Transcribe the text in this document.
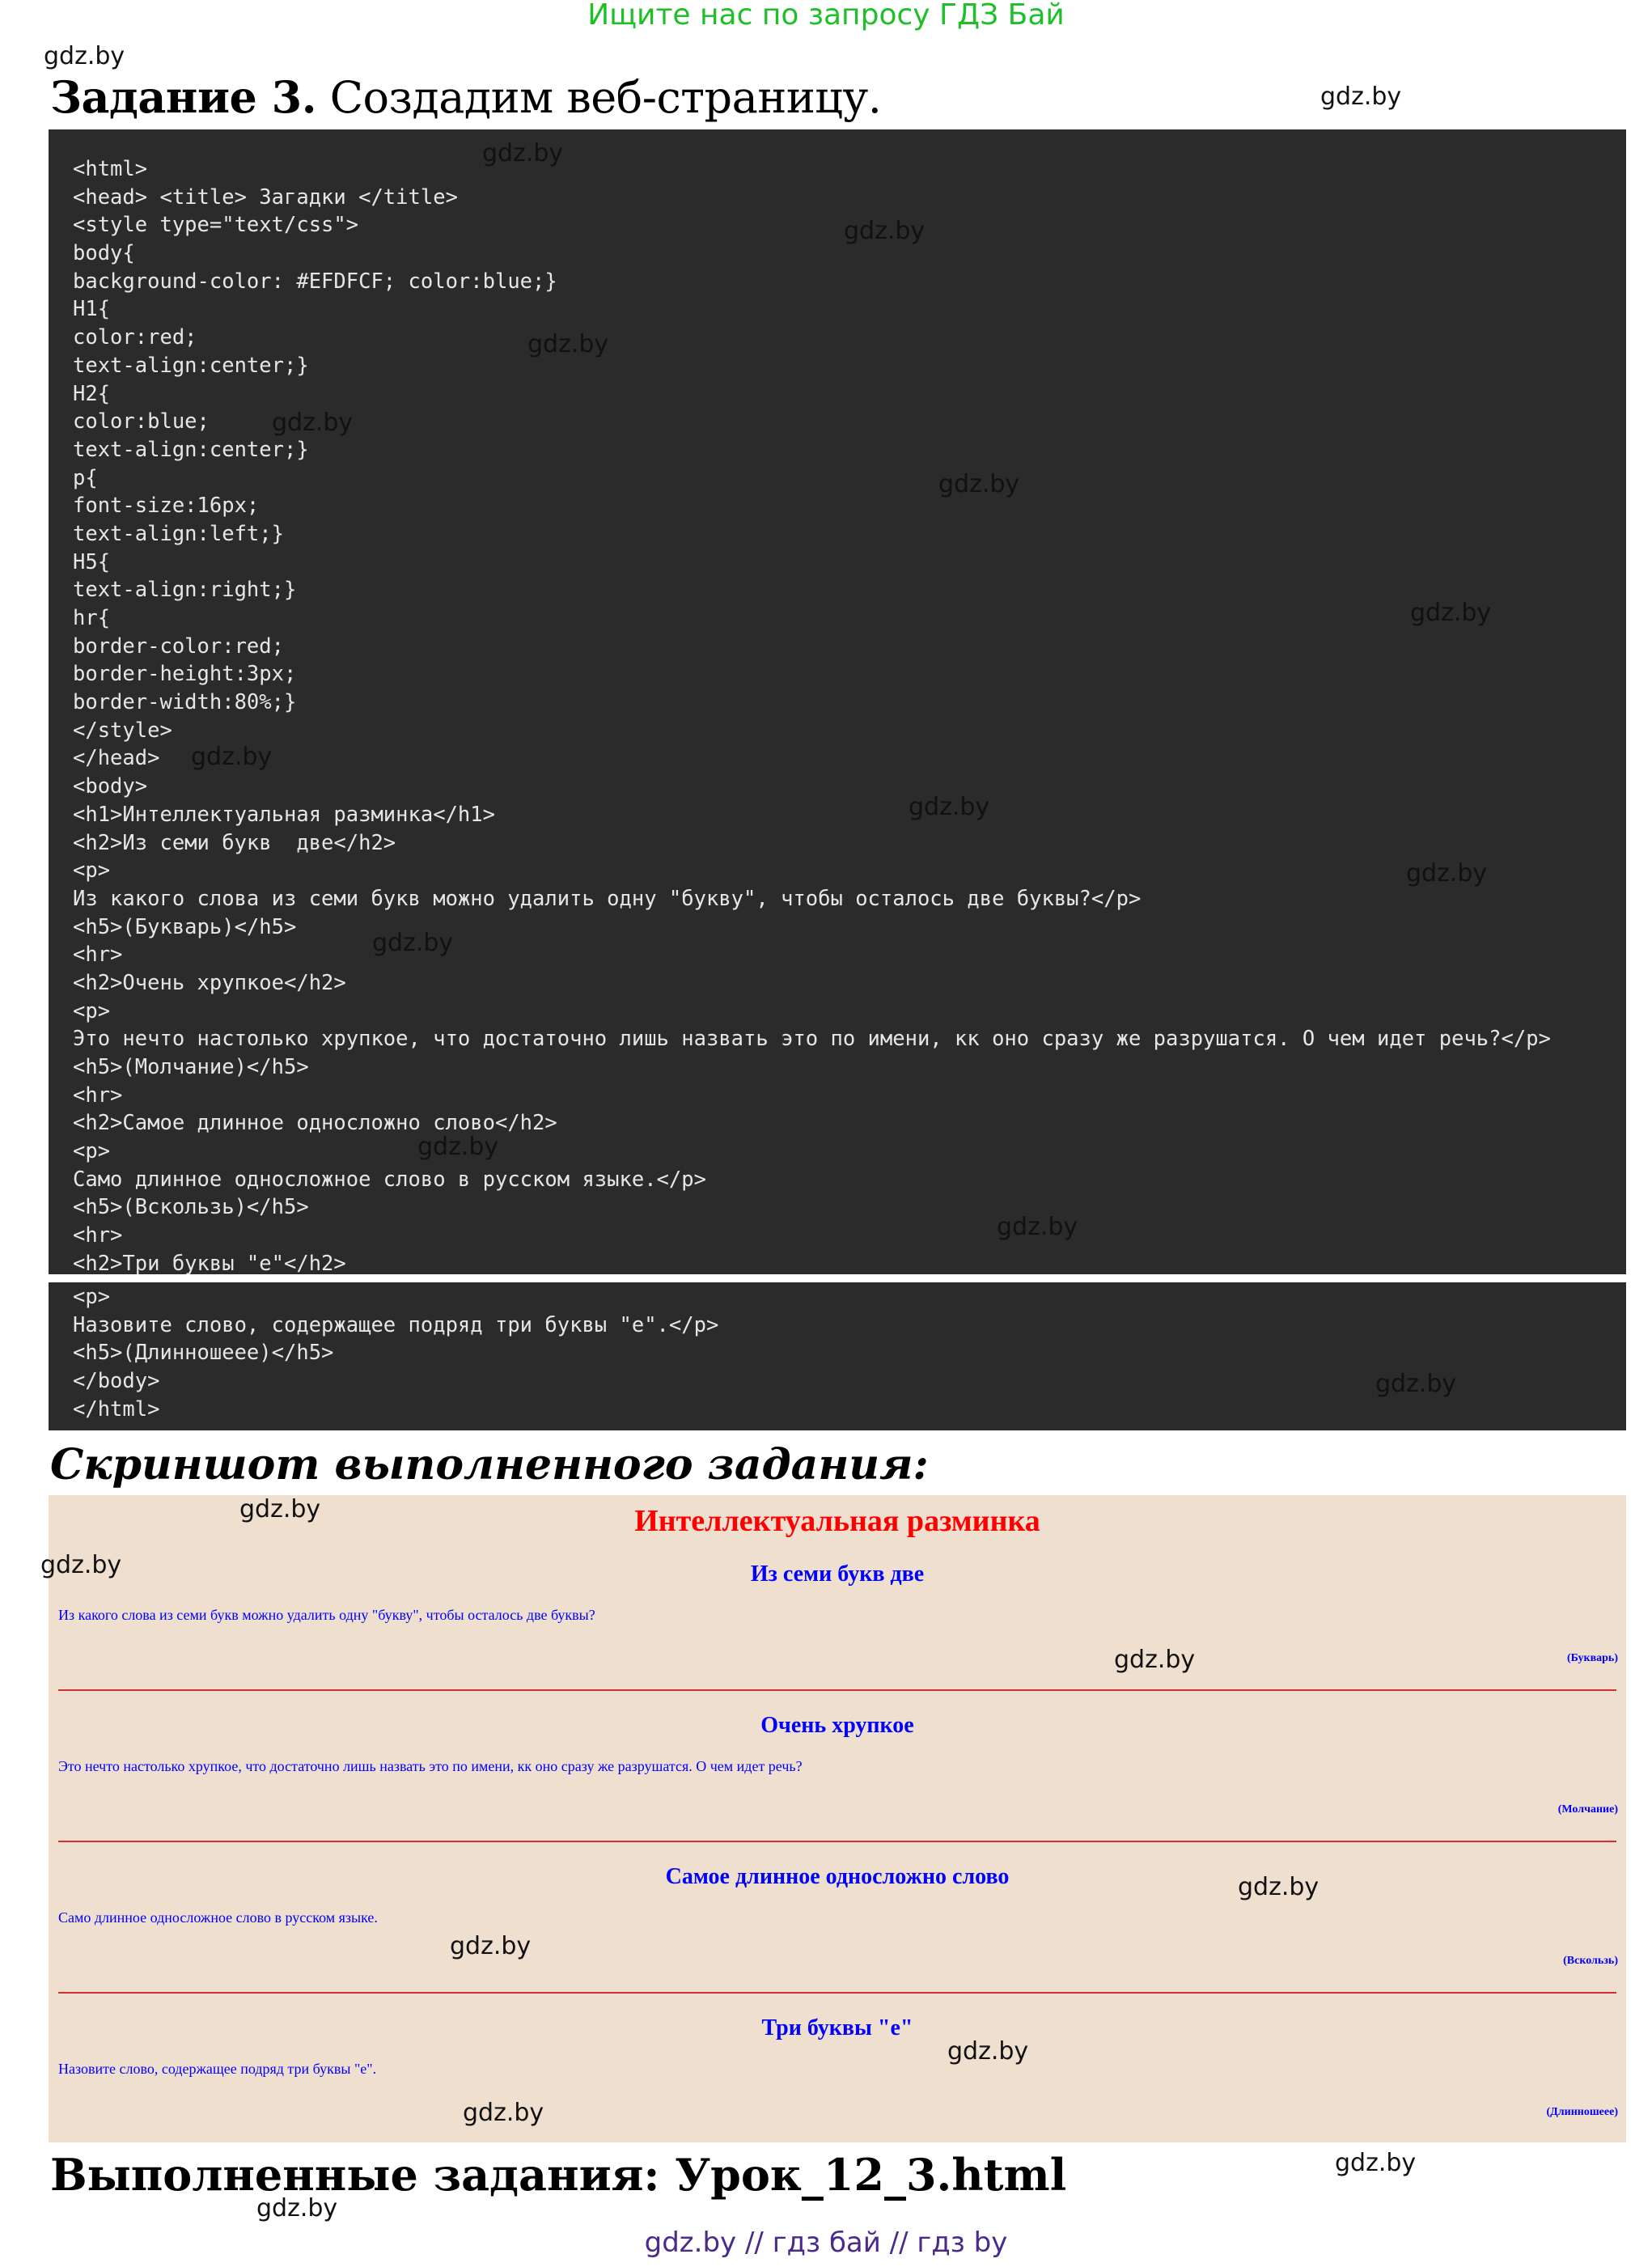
Ищите нас по запросу ГДЗ Бай
gdz.by
gdz.by
Задание 3. Создадим веб-страницу.
<html>
<head> <title> Загадки </title>
<style type="text/css">
body{
background-color: #EFDFCF; color:blue;}
H1{
color:red;
text-align:center;}
H2{
color:blue;
text-align:center;}
p{
font-size:16px;
text-align:left;}
H5{
text-align:right;}
hr{
border-color:red;
border-height:3px;
border-width:80%;}
</style>
</head>
<body>
<h1>Интеллектуальная разминка</h1>
<h2>Из семи букв  две</h2>
<p>
Из какого слова из семи букв можно удалить одну "букву", чтобы осталось две буквы?</p>
<h5>(Букварь)</h5>
<hr>
<h2>Очень хрупкое</h2>
<p>
Это нечто настолько хрупкое, что достаточно лишь назвать это по имени, кк оно сразу же разрушатся. О чем идет речь?</p>
<h5>(Молчание)</h5>
<hr>
<h2>Самое длинное односложно слово</h2>
<p>
Само длинное односложное слово в русском языке.</p>
<h5>(Вскользь)</h5>
<hr>
<h2>Три буквы "е"</h2>
<p>
Назовите слово, содержащее подряд три буквы "е".</p>
<h5>(Длинношеее)</h5>
</body>
</html>
gdz.by
gdz.by
gdz.by
gdz.by
gdz.by
gdz.by
gdz.by
gdz.by
gdz.by
gdz.by
gdz.by
gdz.by
gdz.by
Скриншот выполненного задания:
Интеллектуальная разминка
Из семи букв две
Из какого слова из семи букв можно удалить одну "букву", чтобы осталось две буквы?
(Букварь)
Очень хрупкое
Это нечто настолько хрупкое, что достаточно лишь назвать это по имени, кк оно сразу же разрушатся. О чем идет речь?
(Молчание)
Самое длинное односложно слово
Само длинное односложное слово в русском языке.
(Вскользь)
Три буквы "е"
Назовите слово, содержащее подряд три буквы "е".
(Длинношеее)
gdz.by
gdz.by
gdz.by
gdz.by
gdz.by
gdz.by
gdz.by
Выполненные задания: Урок_12_3.html	gdz.by
gdz.by
gdz.by // гдз бай // гдз by
